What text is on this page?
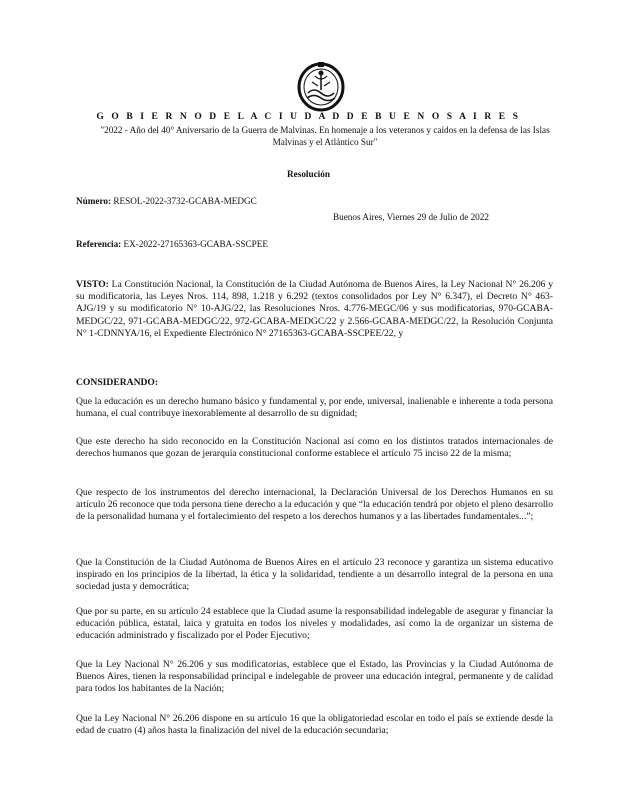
G O B I E R N O D E L A C I U D A D D E B U E N O S A I R E S
"2022 - Año del 40° Aniversario de la Guerra de Malvinas. En homenaje a los veteranos y caídos en la defensa de las Islas Malvinas y el Atlántico Sur"
Resolución
Número: RESOL-2022-3732-GCABA-MEDGC
Buenos Aires, Viernes 29 de Julio de 2022
Referencia: EX-2022-27165363-GCABA-SSCPEE

VISTO: La Constitución Nacional, la Constitución de la Ciudad Autónoma de Buenos Aires, la Ley Nacional N° 26.206 y su modificatoria, las Leyes Nros. 114, 898, 1.218 y 6.292 (textos consolidados por Ley N° 6.347), el Decreto N° 463-AJG/19 y su modificatorio N° 10-AJG/22, las Resoluciones Nros. 4.776-MEGC/06 y sus modificatorias, 970-GCABA-MEDGC/22, 971-GCABA-MEDGC/22, 972-GCABA-MEDGC/22 y 2.566-GCABA-MEDGC/22, la Resolución Conjunta N° 1-CDNNYA/16, el Expediente Electrónico N° 27165363-GCABA-SSCPEE/22, y

CONSIDERANDO:

Que la educación es un derecho humano básico y fundamental y, por ende, universal, inalienable e inherente a toda persona humana, el cual contribuye inexorablemente al desarrollo de su dignidad;

Que este derecho ha sido reconocido en la Constitución Nacional así como en los distintos tratados internacionales de derechos humanos que gozan de jerarquía constitucional conforme establece el artículo 75 inciso 22 de la misma;

Que respecto de los instrumentos del derecho internacional, la Declaración Universal de los Derechos Humanos en su artículo 26 reconoce que toda persona tiene derecho a la educación y que “la educación tendrá por objeto el pleno desarrollo de la personalidad humana y el fortalecimiento del respeto a los derechos humanos y a las libertades fundamentales...”;

Que la Constitución de la Ciudad Autónoma de Buenos Aires en el artículo 23 reconoce y garantiza un sistema educativo inspirado en los principios de la libertad, la ética y la solidaridad, tendiente a un desarrollo integral de la persona en una sociedad justa y democrática;

Que por su parte, en su artículo 24 establece que la Ciudad asume la responsabilidad indelegable de asegurar y financiar la educación pública, estatal, laica y gratuita en todos los niveles y modalidades, así como la de organizar un sistema de educación administrado y fiscalizado por el Poder Ejecutivo;

Que la Ley Nacional N° 26.206 y sus modificatorias, establece que el Estado, las Provincias y la Ciudad Autónoma de Buenos Aires, tienen la responsabilidad principal e indelegable de proveer una educación integral, permanente y de calidad para todos los habitantes de la Nación;

Que la Ley Nacional N° 26.206 dispone en su artículo 16 que la obligatoriedad escolar en todo el país se extiende desde la edad de cuatro (4) años hasta la finalización del nivel de la educación secundaria;
